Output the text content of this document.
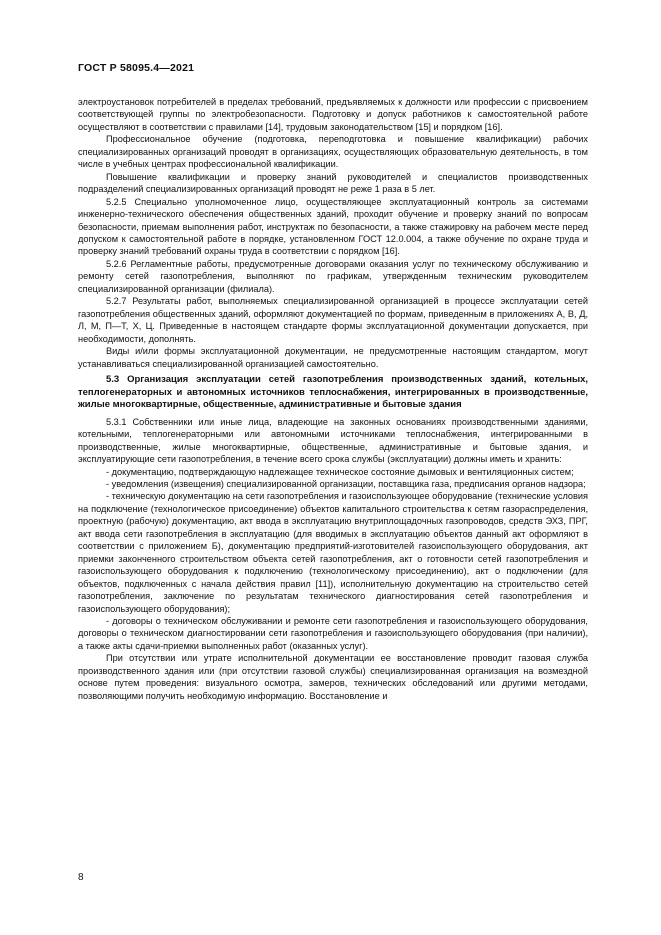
ГОСТ Р 58095.4—2021

электроустановок потребителей в пределах требований, предъявляемых к должности или профессии с присвоением соответствующей группы по электробезопасности. Подготовку и допуск работников к самостоятельной работе осуществляют в соответствии с правилами [14], трудовым законодательством [15] и порядком [16].

Профессиональное обучение (подготовка, переподготовка и повышение квалификации) рабочих специализированных организаций проводят в организациях, осуществляющих образовательную деятельность, в том числе в учебных центрах профессиональной квалификации.

Повышение квалификации и проверку знаний руководителей и специалистов производственных подразделений специализированных организаций проводят не реже 1 раза в 5 лет.

5.2.5 Специально уполномоченное лицо, осуществляющее эксплуатационный контроль за системами инженерно-технического обеспечения общественных зданий, проходит обучение и проверку знаний по вопросам безопасности, приемам выполнения работ, инструктаж по безопасности, а также стажировку на рабочем месте перед допуском к самостоятельной работе в порядке, установленном ГОСТ 12.0.004, а также обучение по охране труда и проверку знаний требований охраны труда в соответствии с порядком [16].

5.2.6 Регламентные работы, предусмотренные договорами оказания услуг по техническому обслуживанию и ремонту сетей газопотребления, выполняют по графикам, утвержденным техническим руководителем специализированной организации (филиала).

5.2.7 Результаты работ, выполняемых специализированной организацией в процессе эксплуатации сетей газопотребления общественных зданий, оформляют документацией по формам, приведенным в приложениях А, В, Д, Л, М, П—Т, Х, Ц. Приведенные в настоящем стандарте формы эксплуатационной документации допускается, при необходимости, дополнять.

Виды и/или формы эксплуатационной документации, не предусмотренные настоящим стандартом, могут устанавливаться специализированной организацией самостоятельно.

5.3 Организация эксплуатации сетей газопотребления производственных зданий, котельных, теплогенераторных и автономных источников теплоснабжения, интегрированных в производственные, жилые многоквартирные, общественные, административные и бытовые здания

5.3.1 Собственники или иные лица, владеющие на законных основаниях производственными зданиями, котельными, теплогенераторными или автономными источниками теплоснабжения, интегрированными в производственные, жилые многоквартирные, общественные, административные и бытовые здания, и эксплуатирующие сети газопотребления, в течение всего срока службы (эксплуатации) должны иметь и хранить:

- документацию, подтверждающую надлежащее техническое состояние дымовых и вентиляционных систем;

- уведомления (извещения) специализированной организации, поставщика газа, предписания органов надзора;

- техническую документацию на сети газопотребления и газоиспользующее оборудование (технические условия на подключение (технологическое присоединение) объектов капитального строительства к сетям газораспределения, проектную (рабочую) документацию, акт ввода в эксплуатацию внутриплощадочных газопроводов, средств ЭХЗ, ПРГ, акт ввода сети газопотребления в эксплуатацию (для вводимых в эксплуатацию объектов данный акт оформляют в соответствии с приложением Б), документацию предприятий-изготовителей газоиспользующего оборудования, акт приемки законченного строительством объекта сетей газопотребления, акт о готовности сетей газопотребления и газоиспользующего оборудования к подключению (технологическому присоединению), акт о подключении (для объектов, подключенных с начала действия правил [11]), исполнительную документацию на строительство сетей газопотребления, заключение по результатам технического диагностирования сетей газопотребления и газоиспользующего оборудования);

- договоры о техническом обслуживании и ремонте сети газопотребления и газоиспользующего оборудования, договоры о техническом диагностировании сети газопотребления и газоиспользующего оборудования (при наличии), а также акты сдачи-приемки выполненных работ (оказанных услуг).

При отсутствии или утрате исполнительной документации ее восстановление проводит газовая служба производственного здания или (при отсутствии газовой службы) специализированная организация на возмездной основе путем проведения: визуального осмотра, замеров, технических обследований или другими методами, позволяющими получить необходимую информацию. Восстановление и

8
